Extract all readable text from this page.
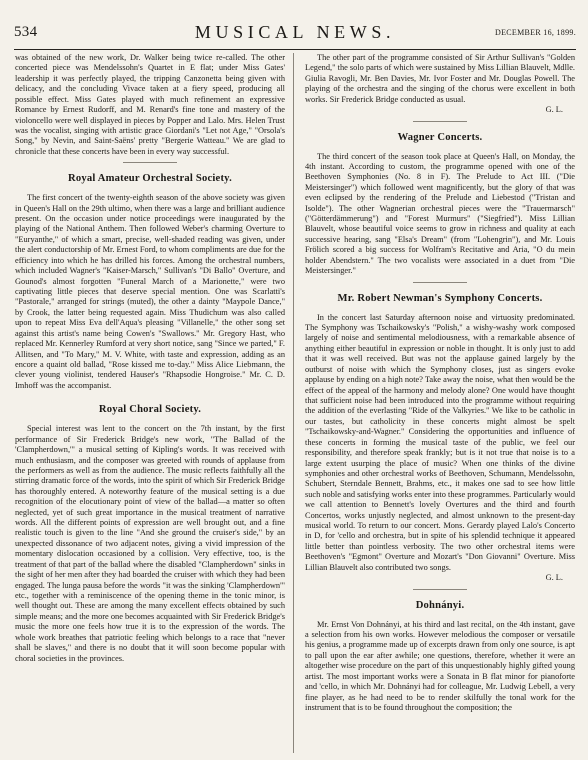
534	MUSICAL NEWS.	DECEMBER 16, 1899.

was obtained of the new work, Dr. Walker being twice re-called. The other concerted piece was Mendelssohn's Quartet in E flat; under Miss Gates' leadership it was perfectly played, the tripping Canzonetta being given with delicacy, and the concluding Vivace taken at a fiery speed, producing all possible effect. Miss Gates played with much refinement an expressive Romance by Ernest Rudorff, and M. Renard's fine tone and mastery of the violoncello were well displayed in pieces by Popper and Lalo. Mrs. Helen Trust was the vocalist, singing with artistic grace Giordani's "Let not Age," "Orsola's Song," by Nevin, and Saint-Saëns' pretty "Bergerie Watteau." We are glad to chronicle that these concerts have been in every way successful.

Royal Amateur Orchestral Society.

The first concert of the twenty-eighth season of the above society was given in Queen's Hall on the 29th ultimo, when there was a large and brilliant audience present. On the occasion under notice proceedings were inaugurated by the playing of the National Anthem. Then followed Weber's charming Overture to "Euryanthe," of which a smart, precise, well-shaded reading was given, under the alert conductorship of Mr. Ernest Ford, to whom compliments are due for the efficiency into which he has drilled his forces. Among the orchestral numbers, which included Wagner's "Kaiser-Marsch," Sullivan's "Di Ballo" Overture, and Gounod's almost forgotten "Funeral March of a Marionette," were two captivating little pieces that deserve special mention. One was Scarlatti's "Pastorale," arranged for strings (muted), the other a dainty "Maypole Dance," by Crook, the latter being requested again. Miss Thudichum was also called upon to repeat Miss Eva dell'Aqua's pleasing "Villanelle," the other song set against this artist's name being Cowen's "Swallows." Mr. Gregory Hast, who replaced Mr. Kennerley Rumford at very short notice, sang "Since we parted," F. Allitsen, and "To Mary," M. V. White, with taste and expression, adding as an encore a quaint old ballad, "Rose kissed me to-day." Miss Alice Liebmann, the clever young violinist, tendered Hauser's "Rhapsodie Hongroise." Mr. C. D. Imhoff was the accompanist.

Royal Choral Society.

Special interest was lent to the concert on the 7th instant, by the first performance of Sir Frederick Bridge's new work, "The Ballad of the 'Clampherdown,'" a musical setting of Kipling's words. It was received with much enthusiasm, and the composer was greeted with rounds of applause from the performers as well as from the audience. The music reflects faithfully all the stirring dramatic force of the words, into the spirit of which Sir Frederick Bridge has thoroughly entered. A noteworthy feature of the musical setting is a due recognition of the elocutionary point of view of the ballad—a matter so often neglected, yet of such great importance in the musical treatment of narrative words. All the different points of expression are well brought out, and a fine realistic touch is given to the line "And she ground the cruiser's side," by an unexpected dissonance of two adjacent notes, giving a vivid impression of the momentary dislocation occasioned by a collision. Very effective, too, is the treatment of that part of the ballad where the disabled "Clampherdown" sinks in the sight of her men after they had boarded the cruiser with which they had been engaged. The lunga pausa before the words "it was the sinking 'Clampherdown'" etc., together with a reminiscence of the opening theme in the tonic minor, is well thought out. These are among the many excellent effects obtained by such simple means; and the more one becomes acquainted with Sir Frederick Bridge's music the more one feels how true it is to the expression of the words. The whole work breathes that patriotic feeling which belongs to a race that "never shall be slaves," and there is no doubt that it will soon become popular with choral societies in the provinces.

The other part of the programme consisted of Sir Arthur Sullivan's "Golden Legend," the solo parts of which were sustained by Miss Lillian Blauvelt, Mdlle. Giulia Ravogli, Mr. Ben Davies, Mr. Ivor Foster and Mr. Douglas Powell. The playing of the orchestra and the singing of the chorus were excellent in both works. Sir Frederick Bridge conducted as usual.

G. L.
Wagner Concerts.

The third concert of the season took place at Queen's Hall, on Monday, the 4th instant. According to custom, the programme opened with one of the Beethoven Symphonies (No. 8 in F). The Prelude to Act III. ("Die Meistersinger") which followed went magnificently, but the glory of that was even eclipsed by the rendering of the Prelude and Liebestod ("Tristan and Isolde"). The other Wagnerian orchestral pieces were the "Trauermarsch" ("Götterdämmerung") and "Forest Murmurs" ("Siegfried"). Miss Lillian Blauvelt, whose beautiful voice seems to grow in richness and quality at each successive hearing, sang "Elsa's Dream" (from "Lohengrin"), and Mr. Louis Frölich scored a big success for Wolfram's Recitative and Aria, "O du mein holder Abendstern." The two vocalists were associated in a duet from "Die Meistersinger."

Mr. Robert Newman's Symphony Concerts.

In the concert last Saturday afternoon noise and virtuosity predominated. The Symphony was Tschaikowsky's "Polish," a wishy-washy work composed largely of noise and sentimental melodiousness, with a remarkable absence of anything either beautiful in expression or noble in thought. It is only just to add that it was well received. But was not the applause gained largely by the outburst of noise with which the Symphony closes, just as singers evoke applause by ending on a high note? Take away the noise, what then would be the effect of the appeal of the harmony and melody alone? One would have thought that sufficient noise had been introduced into the programme without requiring the addition of the everlasting "Ride of the Valkyries." We like to be catholic in our tastes, but catholicity in these concerts might almost be spelt "Tschaikowsky-and-Wagner." Considering the opportunities and influence of these concerts in forming the musical taste of the public, we feel our responsibility, and therefore speak frankly; but is it not true that noise is to a large extent usurping the place of music? When one thinks of the divine symphonies and other orchestral works of Beethoven, Schumann, Mendelssohn, Schubert, Sterndale Bennett, Brahms, etc., it makes one sad to see how little such noble and satisfying works enter into these programmes. Particularly would we call attention to Bennett's lovely Overtures and the third and fourth Concertos, works unjustly neglected, and almost unknown to the present-day musical world. To return to our concert. Mons. Gerardy played Lalo's Concerto in D, for 'cello and orchestra, but in spite of his splendid technique it appeared little better than pointless verbosity. The two other orchestral items were Beethoven's "Egmont" Overture and Mozart's "Don Giovanni" Overture. Miss Lillian Blauvelt also contributed two songs.

G. L.
Dohnányi.

Mr. Ernst Von Dohnányi, at his third and last recital, on the 4th instant, gave a selection from his own works. However melodious the composer or versatile his genius, a programme made up of excerpts drawn from only one source, is apt to pall upon the ear after awhile; one questions, therefore, whether it were an altogether wise procedure on the part of this unquestionably highly gifted young artist. The most important works were a Sonata in B flat minor for pianoforte and 'cello, in which Mr. Dohnányi had for colleague, Mr. Ludwig Lebell, a very fine player, as he had need to be to render skilfully the tonal work for the instrument that is to be found throughout the composition; the
